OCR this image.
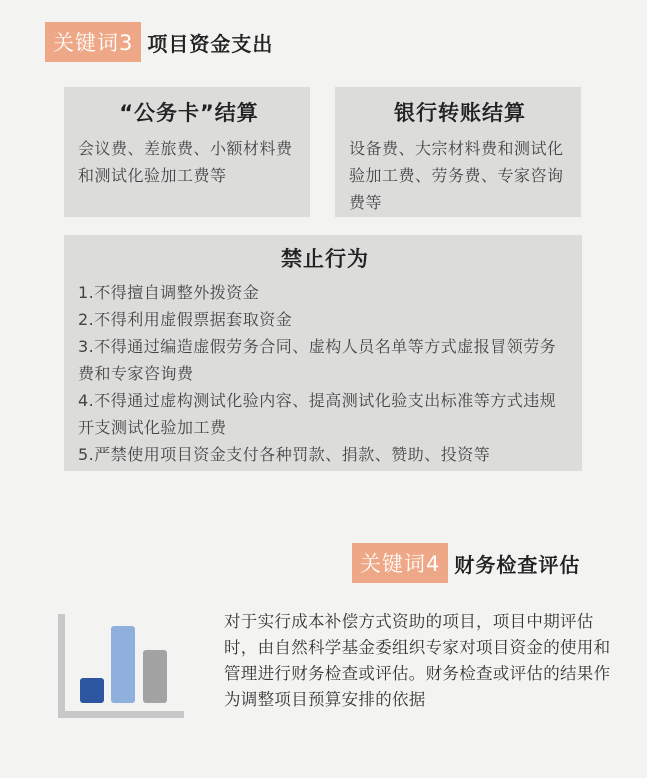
关键词3 项目资金支出
“公务卡”结算
会议费、差旅费、小额材料费和测试化验加工费等
银行转账结算
设备费、大宗材料费和测试化验加工费、劳务费、专家咨询费等
禁止行为
1.不得擅自调整外拨资金
2.不得利用虚假票据套取资金
3.不得通过编造虚假劳务合同、虚构人员名单等方式虚报冒领劳务费和专家咨询费
4.不得通过虚构测试化验内容、提高测试化验支出标准等方式违规开支测试化验加工费
5.严禁使用项目资金支付各种罚款、捐款、赞助、投资等
关键词4 财务检查评估
对于实行成本补偿方式资助的项目，项目中期评估时，由自然科学基金委组织专家对项目资金的使用和管理进行财务检查或评估。财务检查或评估的结果作为调整项目预算安排的依据
